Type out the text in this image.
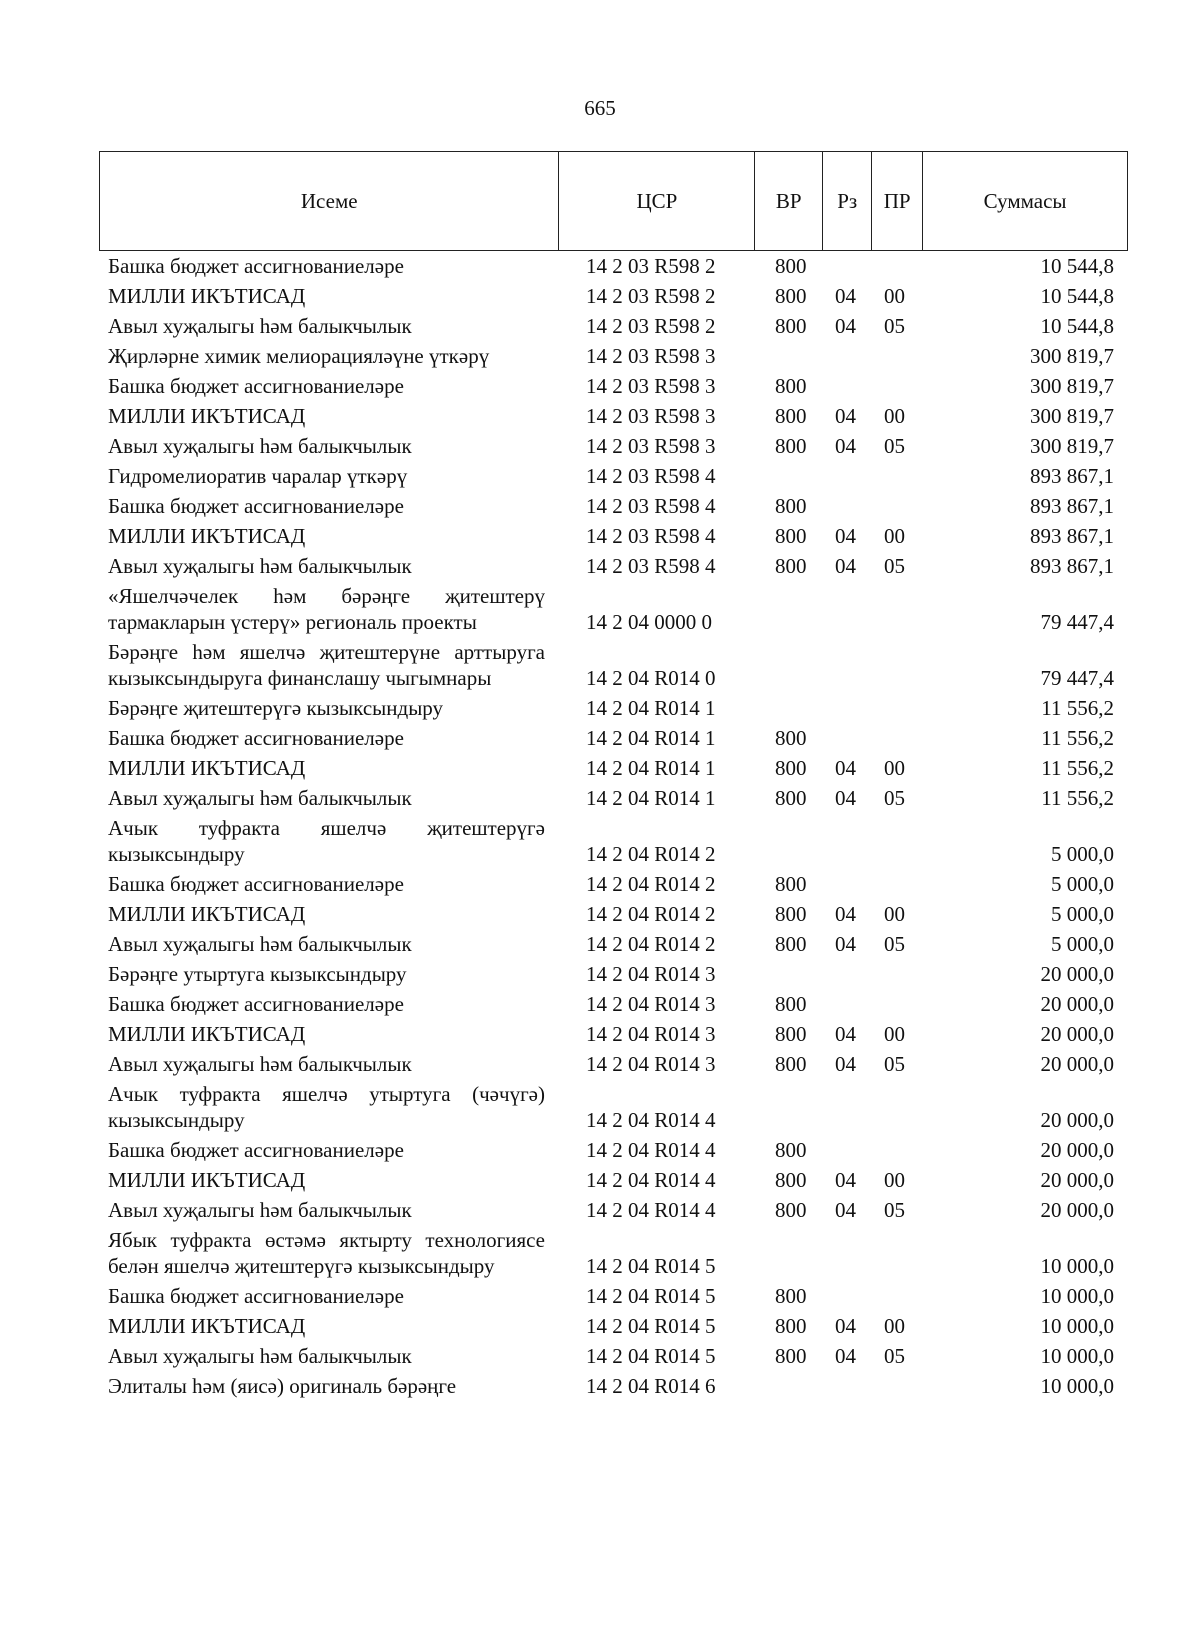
665
Исеме	ЦСР	ВР	Рз	ПР	Суммасы
Башка бюджет ассигнованиеләре	14 2 03 R598 2	800			10 544,8
МИЛЛИ ИКЪТИСАД	14 2 03 R598 2	800	04	00	10 544,8
Авыл хуҗалыгы һәм балыкчылык	14 2 03 R598 2	800	04	05	10 544,8
Җирләрне химик мелиорацияләүне үткәрү	14 2 03 R598 3				300 819,7
Башка бюджет ассигнованиеләре	14 2 03 R598 3	800			300 819,7
МИЛЛИ ИКЪТИСАД	14 2 03 R598 3	800	04	00	300 819,7
Авыл хуҗалыгы һәм балыкчылык	14 2 03 R598 3	800	04	05	300 819,7
Гидромелиоратив чаралар үткәрү	14 2 03 R598 4				893 867,1
Башка бюджет ассигнованиеләре	14 2 03 R598 4	800			893 867,1
МИЛЛИ ИКЪТИСАД	14 2 03 R598 4	800	04	00	893 867,1
Авыл хуҗалыгы һәм балыкчылык	14 2 03 R598 4	800	04	05	893 867,1
«Яшелчәчелек һәм бәрәңге җитештерү тармакларын үстерү» региональ проекты	14 2 04 0000 0				79 447,4
Бәрәңге һәм яшелчә җитештерүне арттыруга кызыксындыруга финанслашу чыгымнары	14 2 04 R014 0				79 447,4
Бәрәңге җитештерүгә кызыксындыру	14 2 04 R014 1				11 556,2
Башка бюджет ассигнованиеләре	14 2 04 R014 1	800			11 556,2
МИЛЛИ ИКЪТИСАД	14 2 04 R014 1	800	04	00	11 556,2
Авыл хуҗалыгы һәм балыкчылык	14 2 04 R014 1	800	04	05	11 556,2
Ачык туфракта яшелчә җитештерүгә кызыксындыру	14 2 04 R014 2				5 000,0
Башка бюджет ассигнованиеләре	14 2 04 R014 2	800			5 000,0
МИЛЛИ ИКЪТИСАД	14 2 04 R014 2	800	04	00	5 000,0
Авыл хуҗалыгы һәм балыкчылык	14 2 04 R014 2	800	04	05	5 000,0
Бәрәңге утыртуга кызыксындыру	14 2 04 R014 3				20 000,0
Башка бюджет ассигнованиеләре	14 2 04 R014 3	800			20 000,0
МИЛЛИ ИКЪТИСАД	14 2 04 R014 3	800	04	00	20 000,0
Авыл хуҗалыгы һәм балыкчылык	14 2 04 R014 3	800	04	05	20 000,0
Ачык туфракта яшелчә утыртуга (чәчүгә) кызыксындыру	14 2 04 R014 4				20 000,0
Башка бюджет ассигнованиеләре	14 2 04 R014 4	800			20 000,0
МИЛЛИ ИКЪТИСАД	14 2 04 R014 4	800	04	00	20 000,0
Авыл хуҗалыгы һәм балыкчылык	14 2 04 R014 4	800	04	05	20 000,0
Ябык туфракта өстәмә яктырту технологиясе белән яшелчә җитештерүгә кызыксындыру	14 2 04 R014 5				10 000,0
Башка бюджет ассигнованиеләре	14 2 04 R014 5	800			10 000,0
МИЛЛИ ИКЪТИСАД	14 2 04 R014 5	800	04	00	10 000,0
Авыл хуҗалыгы һәм балыкчылык	14 2 04 R014 5	800	04	05	10 000,0
Элиталы һәм (яисә) оригиналь бәрәңге	14 2 04 R014 6				10 000,0
